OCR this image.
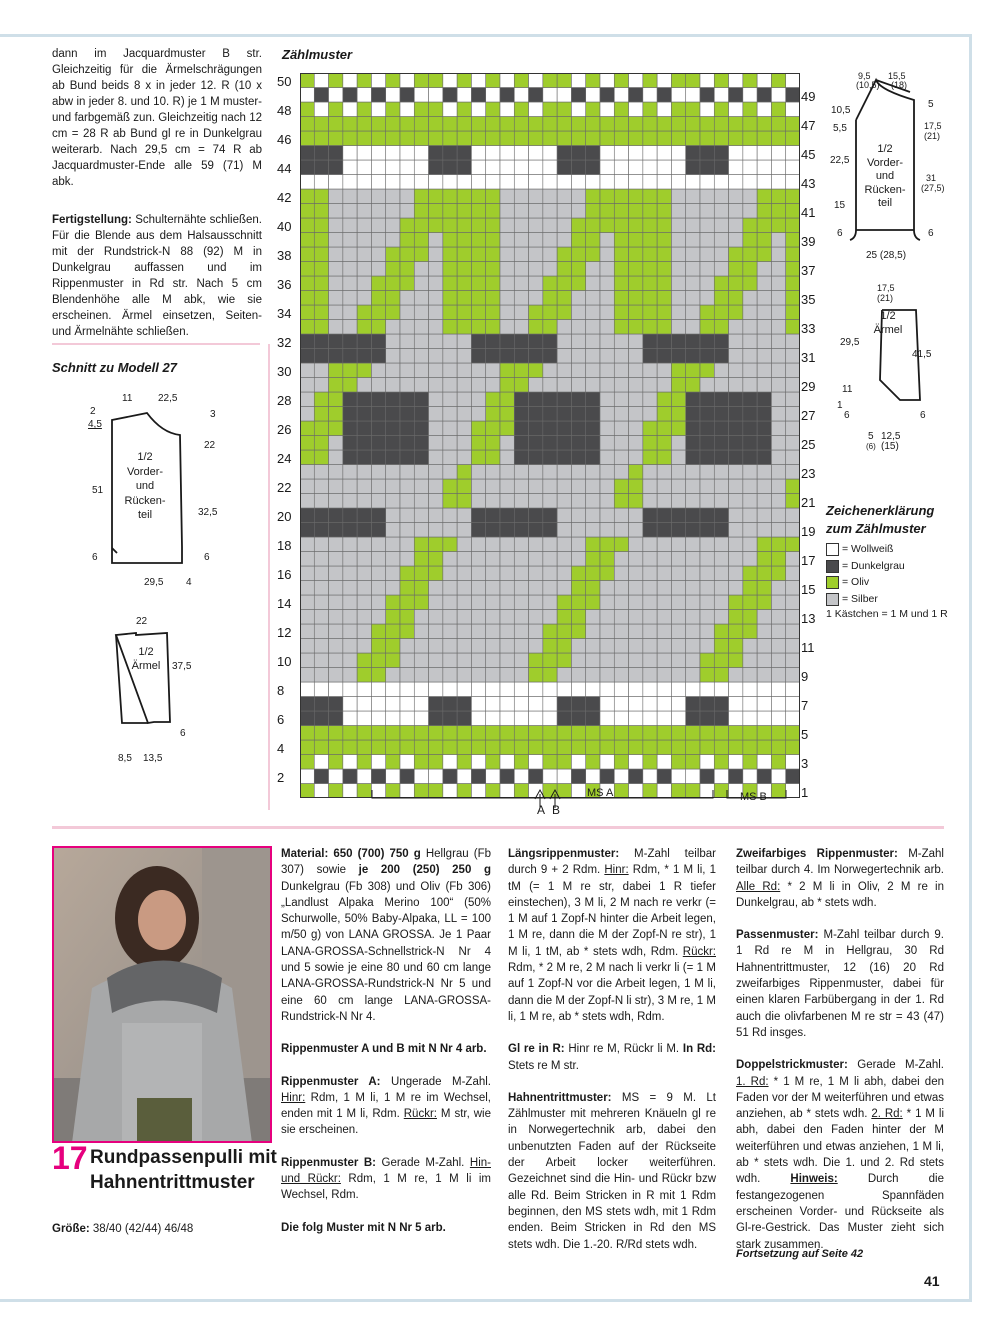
dann im Jacquardmuster B str. Gleichzeitig für die Ärmelschrägungen ab Bund beids 8 x in jeder 12. R (10 x abw in jeder 8. und 10. R) je 1 M muster- und farbgemäß zun. Gleichzeitig nach 12 cm = 28 R ab Bund gl re in Dunkelgrau weiterarb. Nach 29,5 cm = 74 R ab Jacquardmuster-Ende alle 59 (71) M abk.

Fertigstellung: Schulternähte schließen. Für die Blende aus dem Halsausschnitt mit der Rundstrick-N 88 (92) M in Dunkelgrau auffassen und im Rippenmuster in Rd str. Nach 5 cm Blendenhöhe alle M abk, wie sie erscheinen. Ärmel einsetzen, Seiten- und Ärmelnähte schließen.

Schnitt zu Modell 27
11	22,5
2
4,5
3
22
51
32,5
6	6
29,5 4
22
37,5
6
8,5 13,5
1/2
Vorder-
und
Rücken-
teil
1/2
Ärmel
Zählmuster
50
48
46
44
42
40
38
36
34
32
30
28
26
24
22
20
18
16
14
12
10
8
6
4
2
49
47
45
43
41
39
37
35
33
31
29
27
25
23
21
19
17
15
13
11
9
7
5
3
1
MS A	MS B
A B
9,5
(10,5)
15,5
(18)
10,5
5,5
5
17,5
(21)
22,5
31
(27,5)
15
6	6
25 (28,5)
1/2
Vorder-
und
Rücken-
teil
17,5
(21)
29,5
41,5
11
1
6	6
5
(6)
12,5
(15)
1/2
Ärmel
Zeichenerklärung
zum Zählmuster
= Wollweiß
= Dunkelgrau
= Oliv
= Silber
1 Kästchen = 1 M und 1 R
17 Rundpassenpulli mit
Hahnentrittmuster
Größe: 38/40 (42/44) 46/48

Material: 650 (700) 750 g Hellgrau (Fb 307) sowie je 200 (250) 250 g Dunkelgrau (Fb 308) und Oliv (Fb 306) „Landlust Alpaka Merino 100“ (50% Schurwolle, 50% Baby-Alpaka, LL = 100 m/50 g) von LANA GROSSA. Je 1 Paar LANA-GROSSA-Schnellstrick-N Nr 4 und 5 sowie je eine 80 und 60 cm lange LANA-GROSSA-Rundstrick-N Nr 5 und eine 60 cm lange LANA-GROSSA-Rundstrick-N Nr 4.

Rippenmuster A und B mit N Nr 4 arb.

Rippenmuster A: Ungerade M-Zahl. Hinr: Rdm, 1 M li, 1 M re im Wechsel, enden mit 1 M li, Rdm. Rückr: M str, wie sie erscheinen.

Rippenmuster B: Gerade M-Zahl. Hin- und Rückr: Rdm, 1 M re, 1 M li im Wechsel, Rdm.

Die folg Muster mit N Nr 5 arb.

Längsrippenmuster: M-Zahl teilbar durch 9 + 2 Rdm. Hinr: Rdm, * 1 M li, 1 tM (= 1 M re str, dabei 1 R tiefer einstechen), 3 M li, 2 M nach re verkr (= 1 M auf 1 Zopf-N hinter die Arbeit legen, 1 M re, dann die M der Zopf-N re str), 1 M li, 1 tM, ab * stets wdh, Rdm. Rückr: Rdm, * 2 M re, 2 M nach li verkr li (= 1 M auf 1 Zopf-N vor die Arbeit legen, 1 M li, dann die M der Zopf-N li str), 3 M re, 1 M li, 1 M re, ab * stets wdh, Rdm.

Gl re in R: Hinr re M, Rückr li M. In Rd: Stets re M str.

Hahnentrittmuster: MS = 9 M. Lt Zählmuster mit mehreren Knäueln gl re in Norwegertechnik arb, dabei den unbenutzten Faden auf der Rückseite der Arbeit locker weiterführen. Gezeichnet sind die Hin- und Rückr bzw alle Rd. Beim Stricken in R mit 1 Rdm beginnen, den MS stets wdh, mit 1 Rdm enden. Beim Stricken in Rd den MS stets wdh. Die 1.-20. R/Rd stets wdh.

Zweifarbiges Rippenmuster: M-Zahl teilbar durch 4. Im Norwegertechnik arb. Alle Rd: * 2 M li in Oliv, 2 M re in Dunkelgrau, ab * stets wdh.

Passenmuster: M-Zahl teilbar durch 9. 1 Rd re M in Hellgrau, 30 Rd Hahnentrittmuster, 12 (16) 20 Rd zweifarbiges Rippenmuster, dabei für einen klaren Farbübergang in der 1. Rd auch die olivfarbenen M re str = 43 (47) 51 Rd insges.

Doppelstrickmuster: Gerade M-Zahl. 1. Rd: * 1 M re, 1 M li abh, dabei den Faden vor der M weiterführen und etwas anziehen, ab * stets wdh. 2. Rd: * 1 M li abh, dabei den Faden hinter der M weiterführen und etwas anziehen, 1 M li, ab * stets wdh. Die 1. und 2. Rd stets wdh. Hinweis: Durch die festangezogenen Spannfäden erscheinen Vorder- und Rückseite als Gl-re-Gestrick. Das Muster zieht sich stark zusammen.

Fortsetzung auf Seite 42
41
